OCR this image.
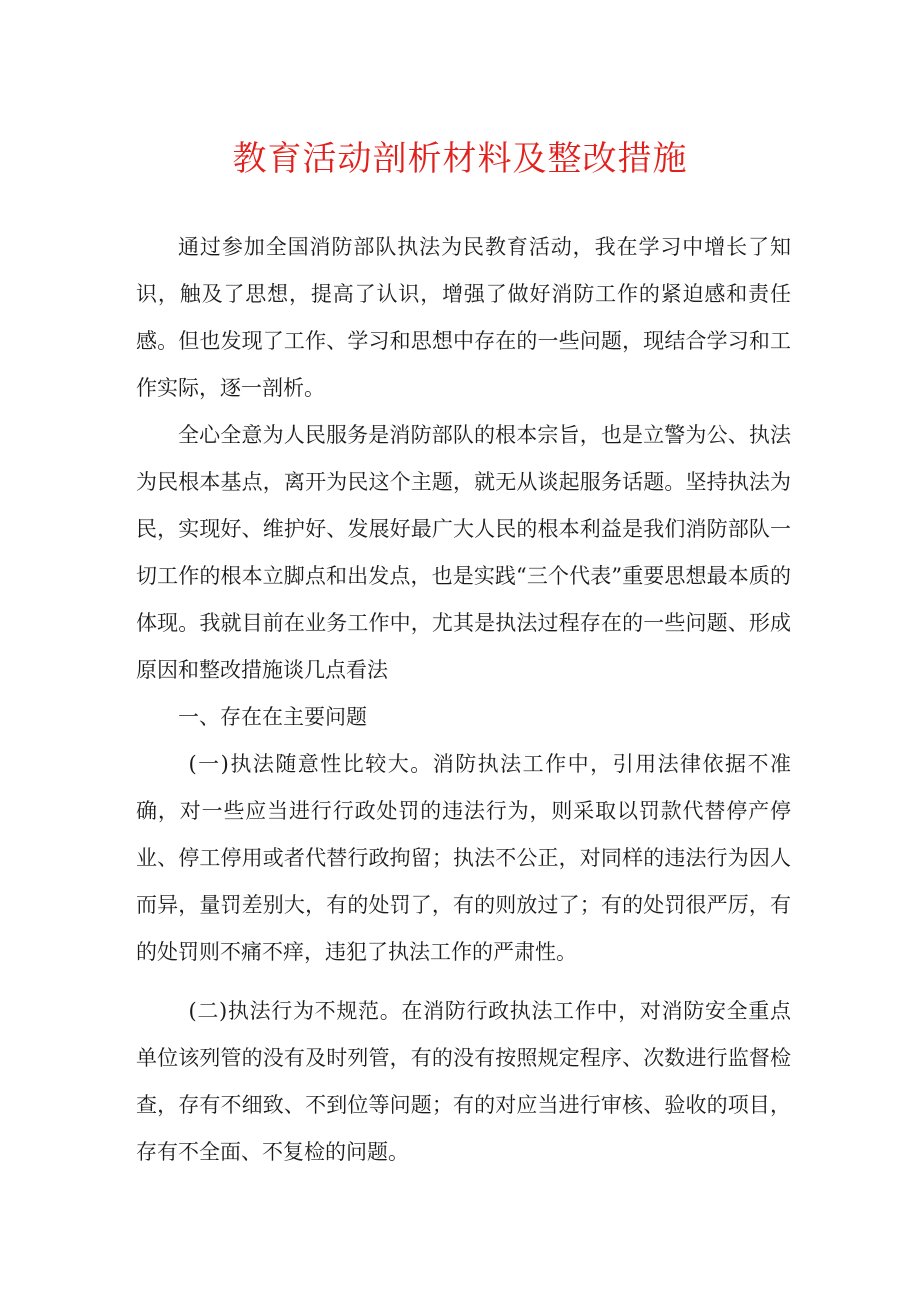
教育活动剖析材料及整改措施

通过参加全国消防部队执法为民教育活动，我在学习中增长了知识，触及了思想，提高了认识，增强了做好消防工作的紧迫感和责任感。但也发现了工作、学习和思想中存在的一些问题，现结合学习和工作实际，逐一剖析。

全心全意为人民服务是消防部队的根本宗旨，也是立警为公、执法为民根本基点，离开为民这个主题，就无从谈起服务话题。坚持执法为民，实现好、维护好、发展好最广大人民的根本利益是我们消防部队一切工作的根本立脚点和出发点，也是实践“三个代表”重要思想最本质的体现。我就目前在业务工作中，尤其是执法过程存在的一些问题、形成原因和整改措施谈几点看法

一、存在在主要问题

(一)执法随意性比较大。消防执法工作中，引用法律依据不准确，对一些应当进行行政处罚的违法行为，则采取以罚款代替停产停业、停工停用或者代替行政拘留；执法不公正，对同样的违法行为因人而异，量罚差别大，有的处罚了，有的则放过了；有的处罚很严厉，有的处罚则不痛不痒，违犯了执法工作的严肃性。

(二)执法行为不规范。在消防行政执法工作中，对消防安全重点单位该列管的没有及时列管，有的没有按照规定程序、次数进行监督检查，存有不细致、不到位等问题；有的对应当进行审核、验收的项目，存有不全面、不复检的问题。
